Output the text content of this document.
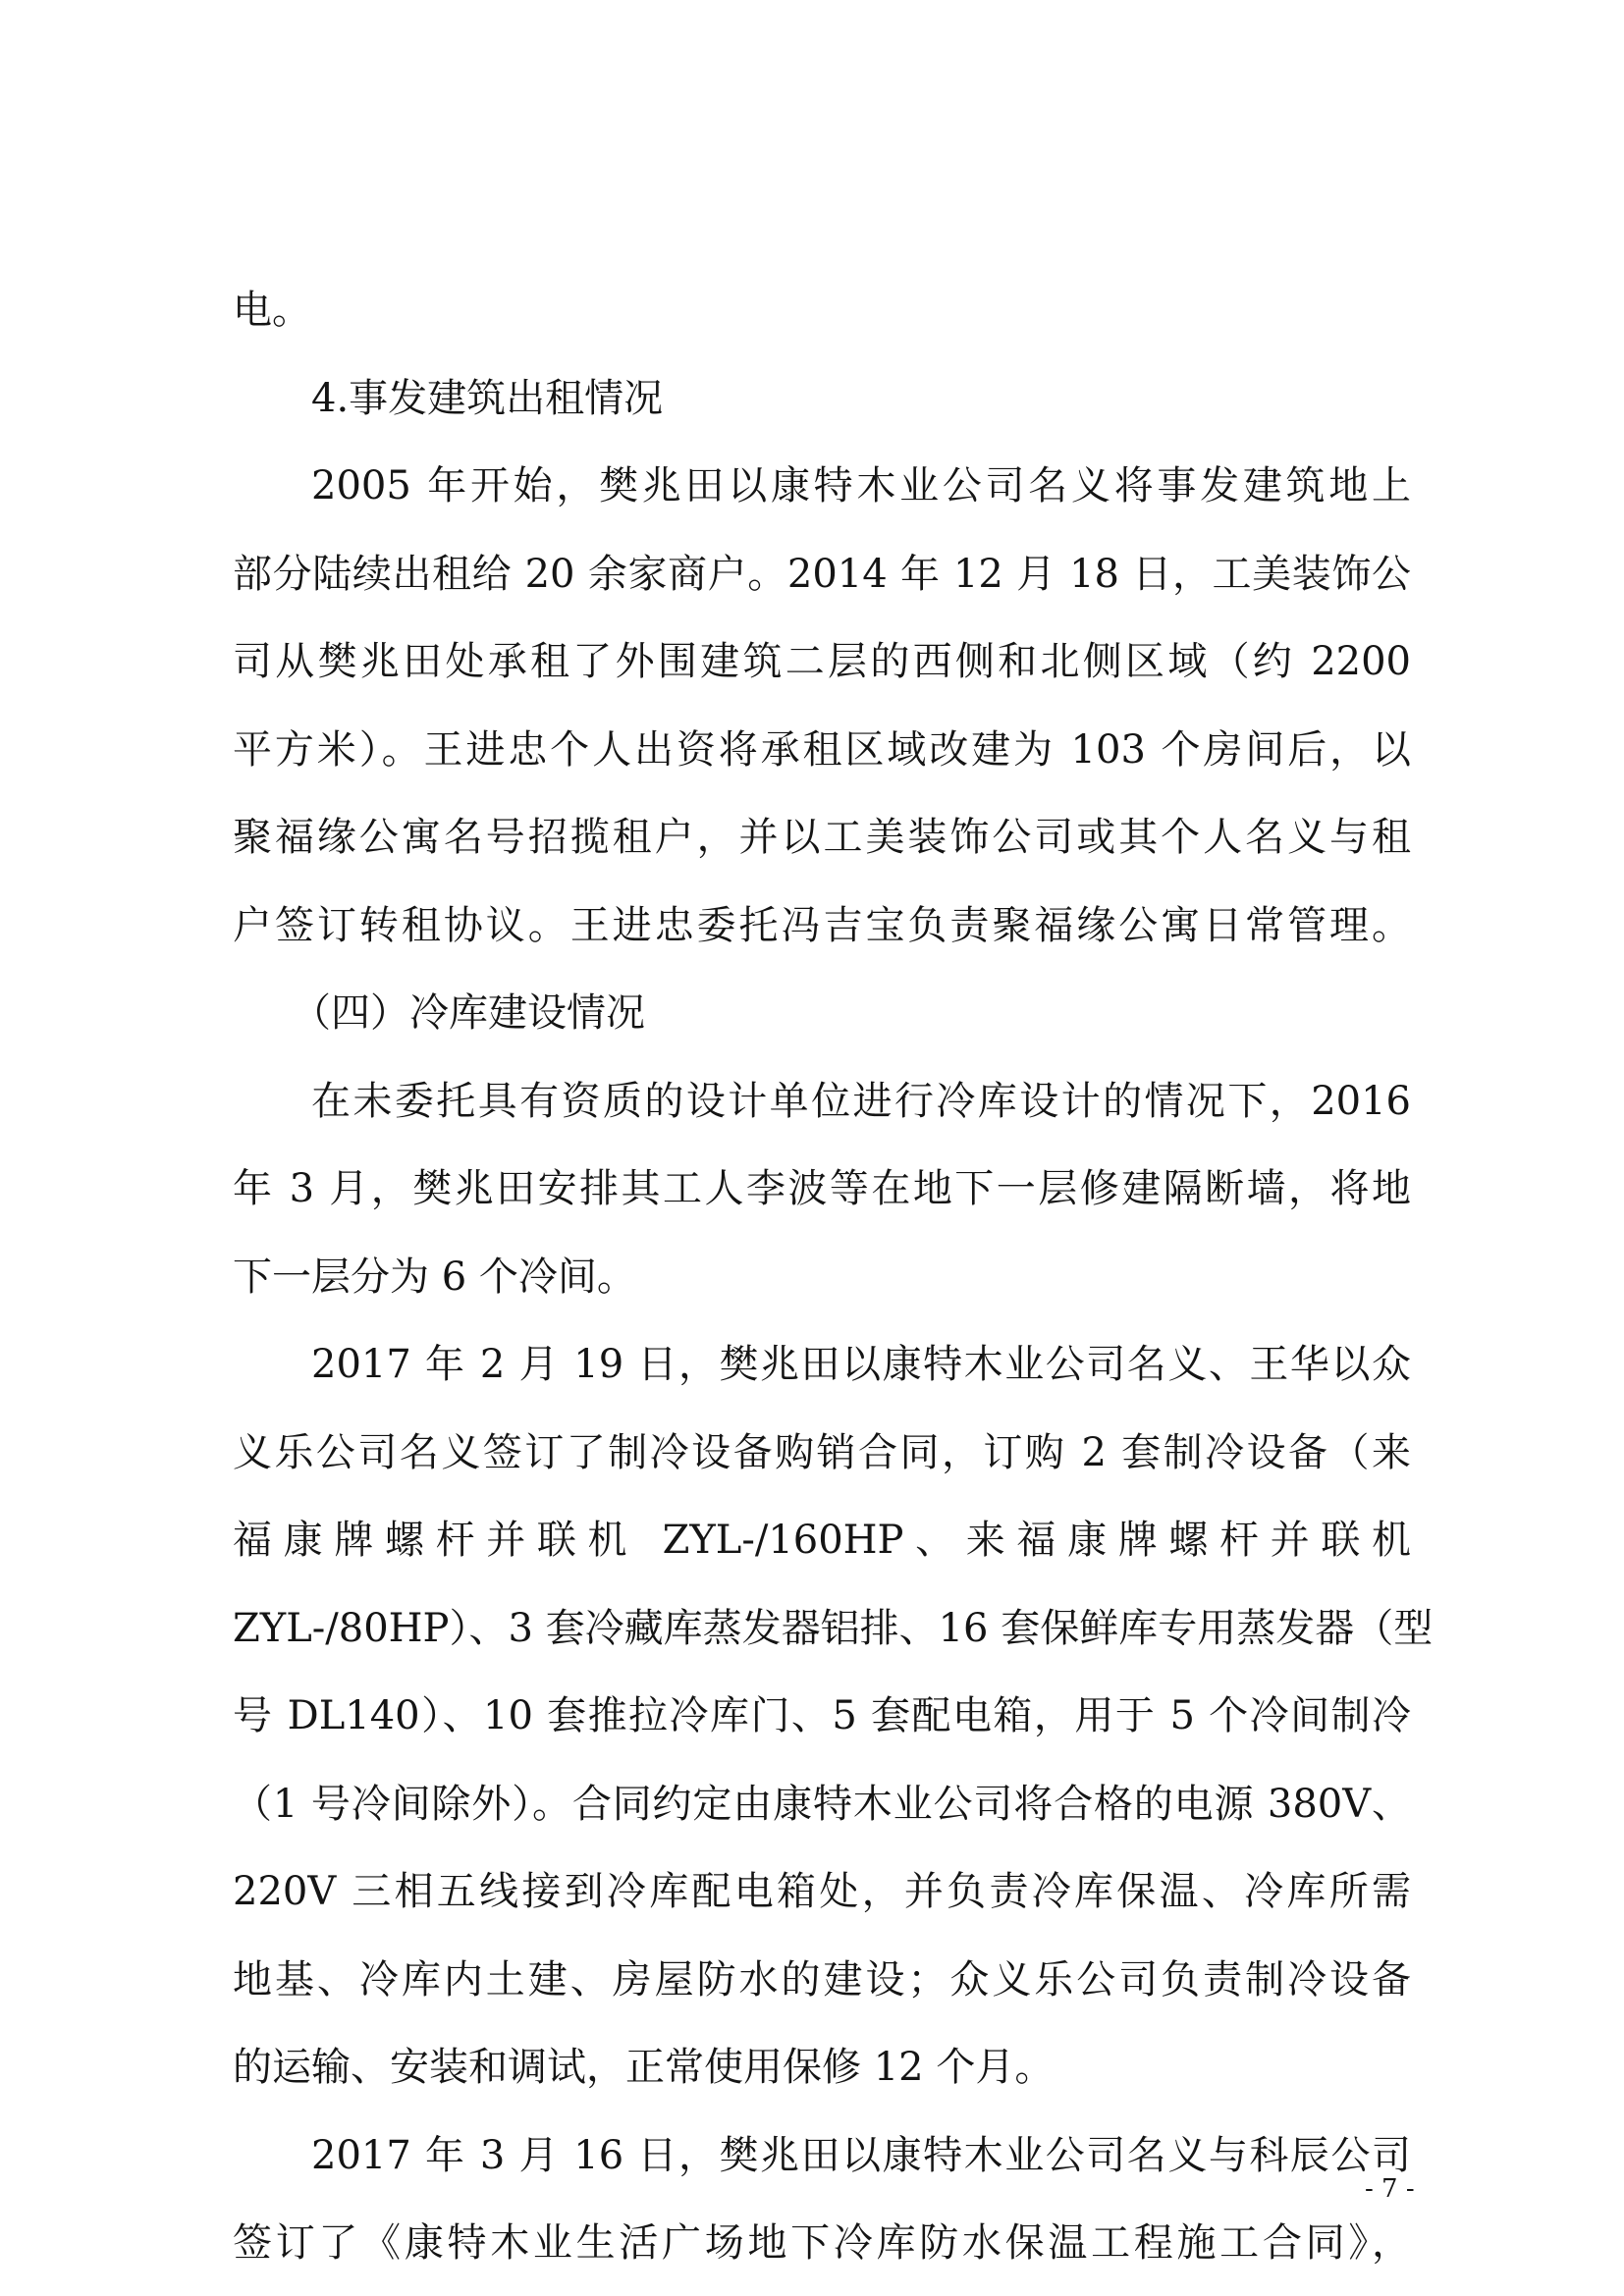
电。
4.事发建筑出租情况
2005 年开始，樊兆田以康特木业公司名义将事发建筑地上
部分陆续出租给 20 余家商户。2014 年 12 月 18 日，工美装饰公
司从樊兆田处承租了外围建筑二层的西侧和北侧区域（约 2200
平方米）。王进忠个人出资将承租区域改建为 103 个房间后，以
聚福缘公寓名号招揽租户，并以工美装饰公司或其个人名义与租
户签订转租协议。王进忠委托冯吉宝负责聚福缘公寓日常管理。
（四）冷库建设情况
在未委托具有资质的设计单位进行冷库设计的情况下，2016
年 3 月，樊兆田安排其工人李波等在地下一层修建隔断墙，将地
下一层分为 6 个冷间。
2017 年 2 月 19 日，樊兆田以康特木业公司名义、王华以众
义乐公司名义签订了制冷设备购销合同，订购 2 套制冷设备（来
福康牌螺杆并联机 ZYL-/160HP、来福康牌螺杆并联机
ZYL-/80HP）、3 套冷藏库蒸发器铝排、16 套保鲜库专用蒸发器（型
号 DL140）、10 套推拉冷库门、5 套配电箱，用于 5 个冷间制冷
（1 号冷间除外）。合同约定由康特木业公司将合格的电源 380V、
220V 三相五线接到冷库配电箱处，并负责冷库保温、冷库所需
地基、冷库内土建、房屋防水的建设；众义乐公司负责制冷设备
的运输、安装和调试，正常使用保修 12 个月。
2017 年 3 月 16 日，樊兆田以康特木业公司名义与科辰公司
签订了《康特木业生活广场地下冷库防水保温工程施工合同》，
- 7 -
